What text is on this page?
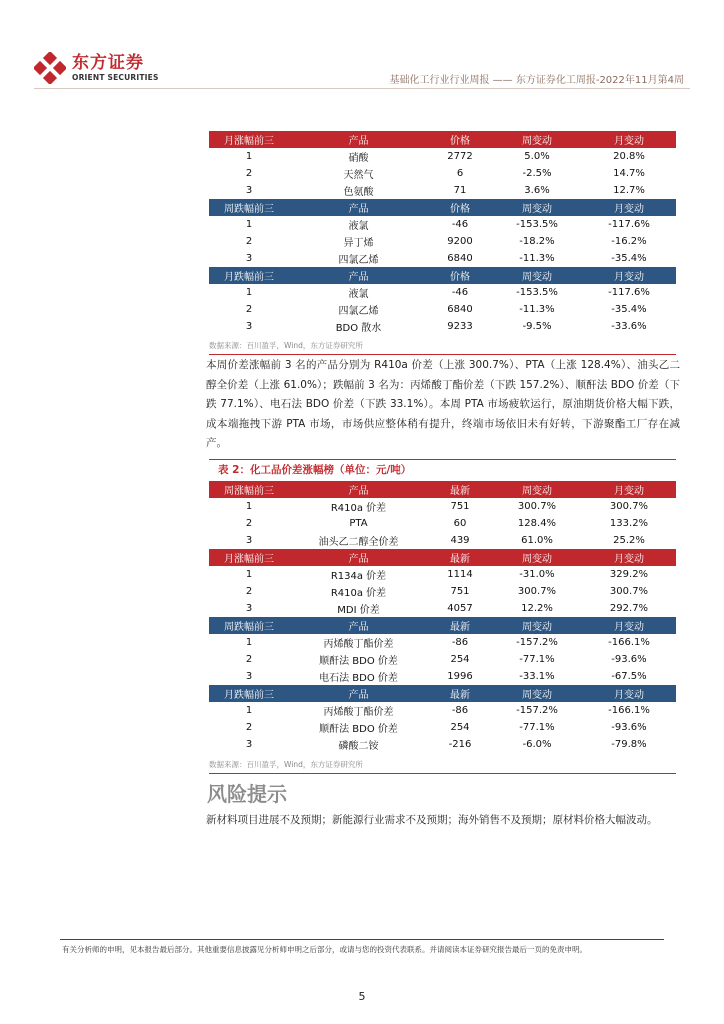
东方证券
ORIENT SECURITIES	基础化工行业行业周报 —— 东方证券化工周报-2022年11月第4周
月涨幅前三	产品	价格	周变动	月变动
1	硝酸	2772	5.0%	20.8%
2	天然气	6	-2.5%	14.7%
3	色氨酸	71	3.6%	12.7%
周跌幅前三	产品	价格	周变动	月变动
1	液氯	-46	-153.5%	-117.6%
2	异丁烯	9200	-18.2%	-16.2%
3	四氯乙烯	6840	-11.3%	-35.4%
月跌幅前三	产品	价格	周变动	月变动
1	液氯	-46	-153.5%	-117.6%
2	四氯乙烯	6840	-11.3%	-35.4%
3	BDO 散水	9233	-9.5%	-33.6%
数据来源：百川盈孚，Wind，东方证券研究所
本周价差涨幅前 3 名的产品分别为 R410a 价差（上涨 300.7%）、PTA（上涨 128.4%）、油头乙二醇全价差（上涨 61.0%）；跌幅前 3 名为：丙烯酸丁酯价差（下跌 157.2%）、顺酐法 BDO 价差（下跌 77.1%）、电石法 BDO 价差（下跌 33.1%）。本周 PTA 市场疲软运行，原油期货价格大幅下跌，成本端拖拽下游 PTA 市场，市场供应整体稍有提升，终端市场依旧未有好转，下游聚酯工厂存在减产。
表 2：化工品价差涨幅榜（单位：元/吨）
周涨幅前三	产品	最新	周变动	月变动
1	R410a 价差	751	300.7%	300.7%
2	PTA	60	128.4%	133.2%
3	油头乙二醇全价差	439	61.0%	25.2%
月涨幅前三	产品	最新	周变动	月变动
1	R134a 价差	1114	-31.0%	329.2%
2	R410a 价差	751	300.7%	300.7%
3	MDI 价差	4057	12.2%	292.7%
周跌幅前三	产品	最新	周变动	月变动
1	丙烯酸丁酯价差	-86	-157.2%	-166.1%
2	顺酐法 BDO 价差	254	-77.1%	-93.6%
3	电石法 BDO 价差	1996	-33.1%	-67.5%
月跌幅前三	产品	最新	周变动	月变动
1	丙烯酸丁酯价差	-86	-157.2%	-166.1%
2	顺酐法 BDO 价差	254	-77.1%	-93.6%
3	磷酸二铵	-216	-6.0%	-79.8%
数据来源：百川盈孚，Wind，东方证券研究所
风险提示
新材料项目进展不及预期；新能源行业需求不及预期；海外销售不及预期；原材料价格大幅波动。
有关分析师的申明，见本报告最后部分。其他重要信息披露见分析师申明之后部分，或请与您的投资代表联系。并请阅读本证券研究报告最后一页的免责申明。
5
